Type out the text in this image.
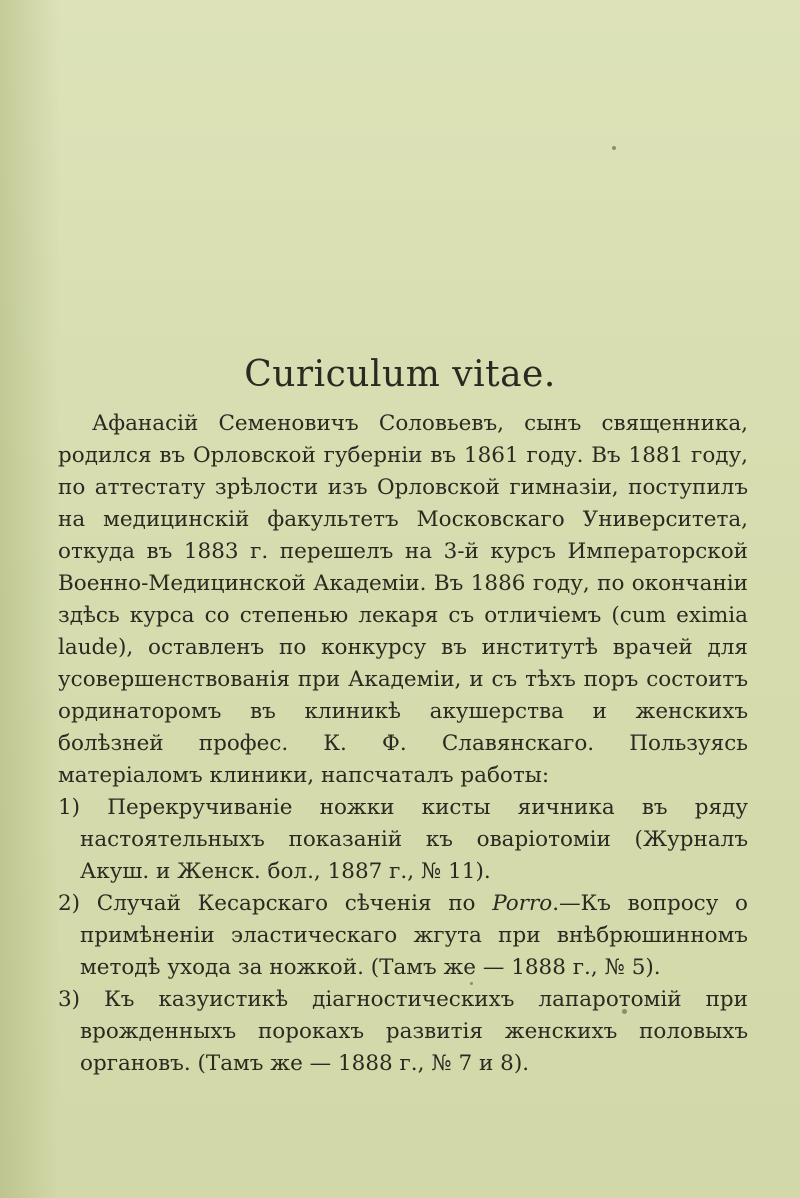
Curiculum vitae.

Афанасій Семеновичъ Соловьевъ, сынъ священника, родился въ Орловской губерніи въ 1861 году. Въ 1881 году, по аттестату зрѣлости изъ Орловской гимназіи, поступилъ на медицинскій факультетъ Московскаго Университета, откуда въ 1883 г. перешелъ на 3-й курсъ Императорской Военно-Медицинской Академіи. Въ 1886 году, по окончаніи здѣсь курса со степенью лекаря съ отличіемъ (cum eximia laude), оставленъ по конкурсу въ институтѣ врачей для усовершенствованія при Академіи, и съ тѣхъ поръ состоитъ ординаторомъ въ клиникѣ акушерства и женскихъ болѣзней профес. К. Ф. Славянскаго. Пользуясь матеріаломъ клиники, напсчаталъ работы:

1) Перекручиваніе ножки кисты яичника въ ряду настоятельныхъ показаній къ оваріотоміи (Журналъ Акуш. и Женск. бол., 1887 г., № 11).
2) Случай Кесарскаго сѣченія по Porro.—Къ вопросу о примѣненіи эластическаго жгута при внѣбрюшинномъ методѣ ухода за ножкой. (Тамъ же — 1888 г., № 5).
3) Къ казуистикѣ діагностическихъ лапаротомій при врожденныхъ порокахъ развитія женскихъ половыхъ органовъ. (Тамъ же — 1888 г., № 7 и 8).
